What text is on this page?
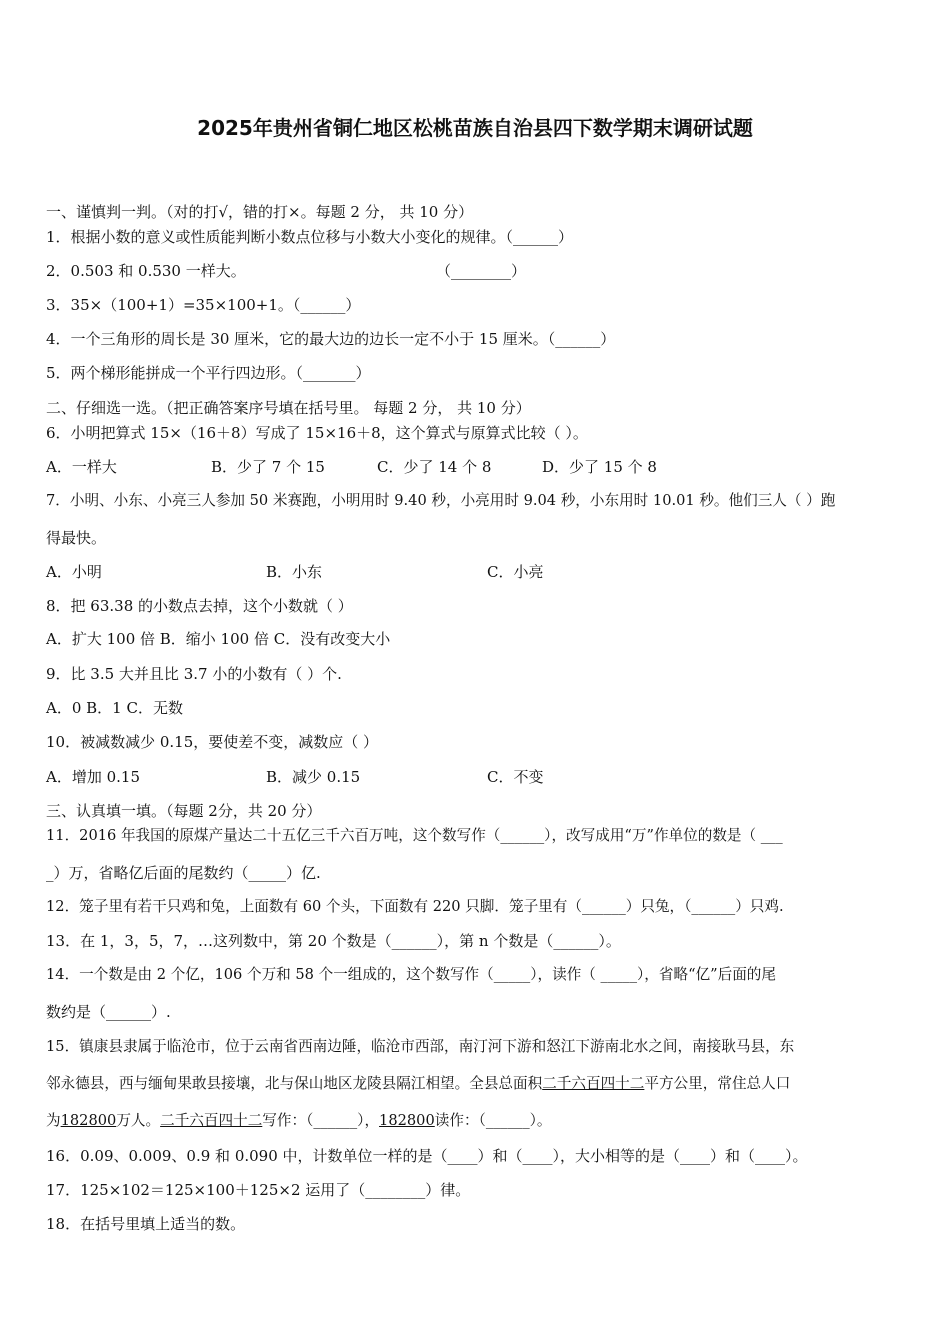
2025年贵州省铜仁地区松桃苗族自治县四下数学期末调研试题
一、谨慎判一判。（对的打√，错的打×。每题 2 分， 共 10 分）
1．根据小数的意义或性质能判断小数点位移与小数大小变化的规律。（______）
2．0.503 和 0.530 一样大。	（________）
3．35×（100+1）=35×100+1。（______）
4．一个三角形的周长是 30 厘米，它的最大边的边长一定不小于 15 厘米。（______）
5．两个梯形能拼成一个平行四边形。（_______）
二、仔细选一选。（把正确答案序号填在括号里。 每题 2 分， 共 10 分）
6．小明把算式 15×（16＋8）写成了 15×16＋8，这个算式与原算式比较（ ）。
A．一样大	B．少了 7 个 15	C．少了 14 个 8	D．少了 15 个 8
7．小明、小东、小亮三人参加 50 米赛跑，小明用时 9.40 秒，小亮用时 9.04 秒，小东用时 10.01 秒。他们三人（ ）跑
得最快。
A．小明	B．小东	C．小亮
8．把 63.38 的小数点去掉，这个小数就（ ）
A．扩大 100 倍 B．缩小 100 倍 C．没有改变大小
9．比 3.5 大并且比 3.7 小的小数有（ ）个.
A．0 B．1 C．无数
10．被减数减少 0.15，要使差不变，减数应（ ）
A．增加 0.15	B．减少 0.15	C．不变
三、认真填一填。（每题 2分，共 20 分）
11．2016 年我国的原煤产量达二十五亿三千六百万吨，这个数写作（______），改写成用“万”作单位的数是（ ___
_）万，省略亿后面的尾数约（_____）亿.
12．笼子里有若干只鸡和兔，上面数有 60 个头，下面数有 220 只脚．笼子里有（______）只兔，（______）只鸡.
13．在 1，3，5，7，…这列数中，第 20 个数是（______），第 n 个数是（______）。
14．一个数是由 2 个亿，106 个万和 58 个一组成的，这个数写作（_____），读作（ _____），省略“亿”后面的尾
数约是（______）.
15．镇康县隶属于临沧市，位于云南省西南边陲，临沧市西部，南汀河下游和怒江下游南北水之间，南接耿马县，东
邻永德县，西与缅甸果敢县接壤，北与保山地区龙陵县隔江相望。全县总面积二千六百四十二平方公里，常住总人口
为182800万人。二千六百四十二写作：（______），182800读作：（______）。
16．0.09、0.009、0.9 和 0.090 中，计数单位一样的是（____）和（____），大小相等的是（____）和（____）。
17．125×102＝125×100＋125×2 运用了（________）律。
18．在括号里填上适当的数。
